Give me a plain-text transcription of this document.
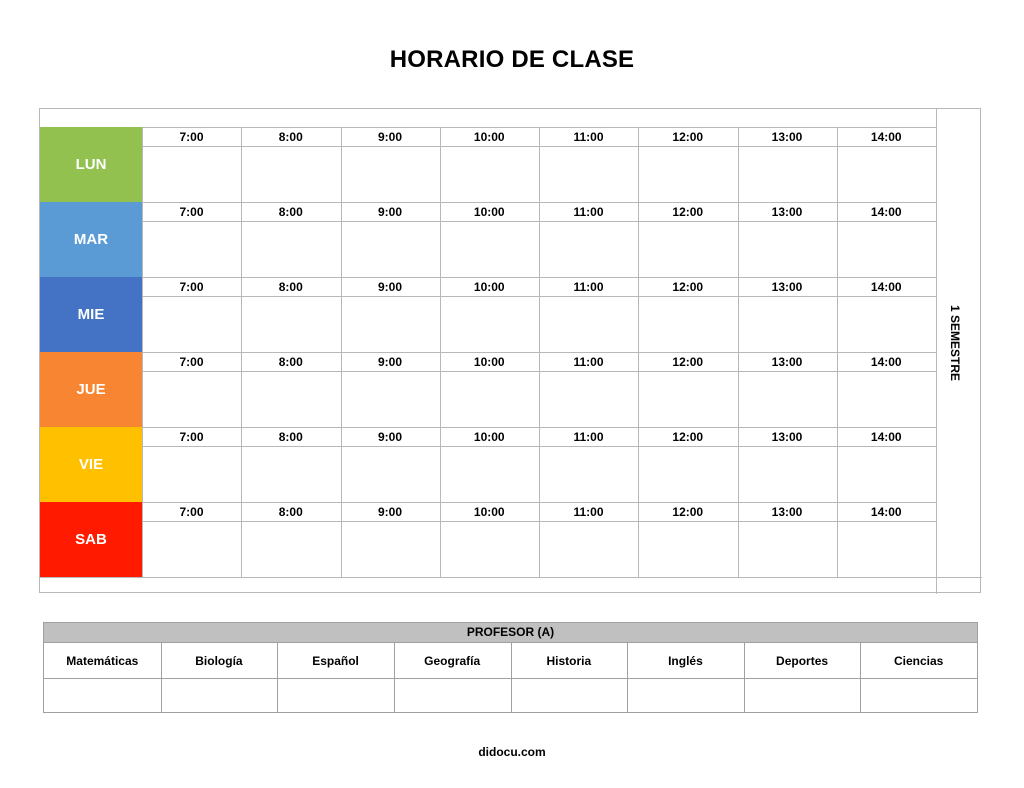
HORARIO DE CLASE
1 SEMESTRE
LUN
7:00	8:00	9:00	10:00	11:00	12:00	13:00	14:00
MAR
7:00	8:00	9:00	10:00	11:00	12:00	13:00	14:00
MIE
7:00	8:00	9:00	10:00	11:00	12:00	13:00	14:00
JUE
7:00	8:00	9:00	10:00	11:00	12:00	13:00	14:00
VIE
7:00	8:00	9:00	10:00	11:00	12:00	13:00	14:00
SAB
7:00	8:00	9:00	10:00	11:00	12:00	13:00	14:00
PROFESOR (A)
Matemáticas	Biología	Español	Geografía	Historia	Inglés	Deportes	Ciencias
didocu.com
